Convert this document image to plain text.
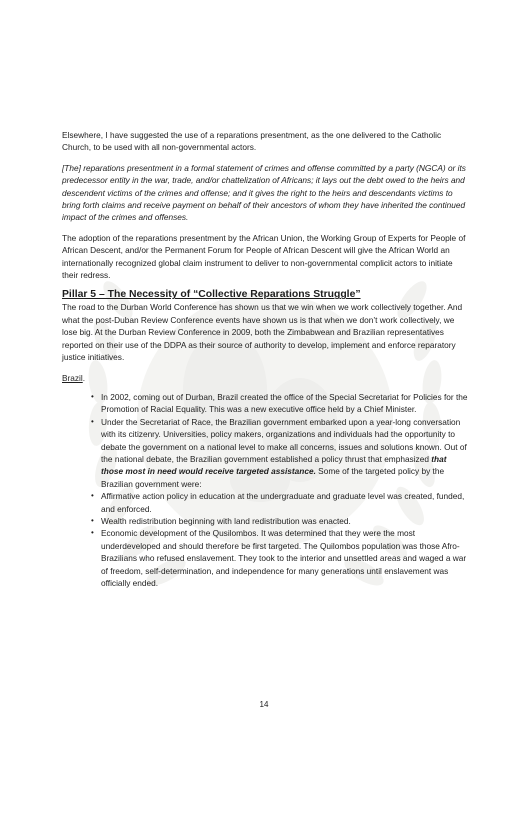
Elsewhere, I have suggested the use of a reparations presentment, as the one delivered to the Catholic Church, to be used with all non-governmental actors.

[The] reparations presentment in a formal statement of crimes and offense committed by a party (NGCA) or its predecessor entity in the war, trade, and/or chattelization of Africans; it lays out the debt owed to the heirs and descendent victims of the crimes and offense; and it gives the right to the heirs and descendants victims to bring forth claims and receive payment on behalf of their ancestors of whom they have inherited the continued impact of the crimes and offenses.

The adoption of the reparations presentment by the African Union, the Working Group of Experts for People of African Descent, and/or the Permanent Forum for People of African Descent will give the African World an internationally recognized global claim instrument to deliver to non-governmental complicit actors to initiate their redress.

Pillar 5 – The Necessity of “Collective Reparations Struggle”

The road to the Durban World Conference has shown us that we win when we work collectively together. And what the post-Duban Review Conference events have shown us is that when we don’t work collectively, we lose big. At the Durban Review Conference in 2009, both the Zimbabwean and Brazilian representatives reported on their use of the DDPA as their source of authority to develop, implement and enforce reparatory justice initiatives.

Brazil.

• In 2002, coming out of Durban, Brazil created the office of the Special Secretariat for Policies for the Promotion of Racial Equality. This was a new executive office held by a Chief Minister.
• Under the Secretariat of Race, the Brazilian government embarked upon a year-long conversation with its citizenry. Universities, policy makers, organizations and individuals had the opportunity to debate the government on a national level to make all concerns, issues and solutions known. Out of the national debate, the Brazilian government established a policy thrust that emphasized that those most in need would receive targeted assistance. Some of the targeted policy by the Brazilian government were:
• Affirmative action policy in education at the undergraduate and graduate level was created, funded, and enforced.
• Wealth redistribution beginning with land redistribution was enacted.
• Economic development of the Qusilombos. It was determined that they were the most underdeveloped and should therefore be first targeted. The Quilombos population was those Afro-Brazilians who refused enslavement. They took to the interior and unsettled areas and waged a war of freedom, self-determination, and independence for many generations until enslavement was officially ended.
14
